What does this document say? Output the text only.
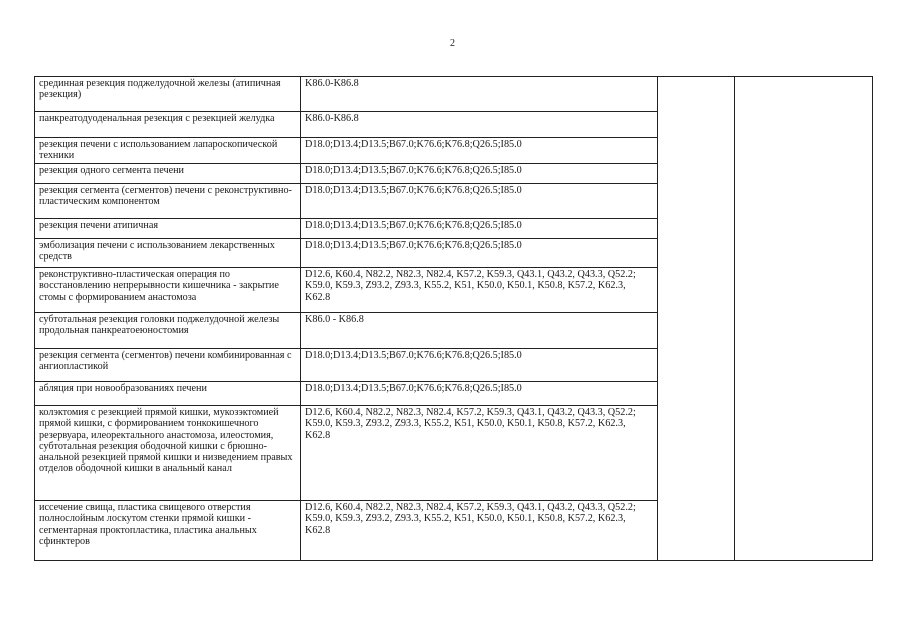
2
срединная резекция поджелудочной железы (атипичная резекция)	K86.0-K86.8		
панкреатодуоденальная резекция с резекцией желудка	K86.0-K86.8		
резекция печени с использованием лапароскопической техники	D18.0;D13.4;D13.5;B67.0;K76.6;K76.8;Q26.5;I85.0		
резекция одного сегмента печени	D18.0;D13.4;D13.5;B67.0;K76.6;K76.8;Q26.5;I85.0		
резекция сегмента (сегментов) печени с реконструктивно-пластическим компонентом	D18.0;D13.4;D13.5;B67.0;K76.6;K76.8;Q26.5;I85.0		
резекция печени атипичная	D18.0;D13.4;D13.5;B67.0;K76.6;K76.8;Q26.5;I85.0		
эмболизация печени с использованием лекарственных средств	D18.0;D13.4;D13.5;B67.0;K76.6;K76.8;Q26.5;I85.0		
реконструктивно-пластическая операция по восстановлению непрерывности кишечника - закрытие стомы с формированием анастомоза	D12.6, K60.4, N82.2, N82.3, N82.4, K57.2, K59.3, Q43.1, Q43.2, Q43.3, Q52.2; K59.0, K59.3, Z93.2, Z93.3, K55.2, K51, K50.0, K50.1, K50.8, K57.2, K62.3, K62.8		
субтотальная резекция головки поджелудочной железы продольная панкреатоеюностомия	K86.0 - K86.8		
резекция сегмента (сегментов) печени комбинированная с ангиопластикой	D18.0;D13.4;D13.5;B67.0;K76.6;K76.8;Q26.5;I85.0		
абляция при новообразованиях печени	D18.0;D13.4;D13.5;B67.0;K76.6;K76.8;Q26.5;I85.0		
колэктомия с резекцией прямой кишки, мукозэктомией прямой кишки, с формированием тонкокишечного резервуара, илеоректального анастомоза, илеостомия, субтотальная резекция ободочной кишки с брюшно-анальной резекцией прямой кишки и низведением правых отделов ободочной кишки в анальный канал	D12.6, K60.4, N82.2, N82.3, N82.4, K57.2, K59.3, Q43.1, Q43.2, Q43.3, Q52.2; K59.0, K59.3, Z93.2, Z93.3, K55.2, K51, K50.0, K50.1, K50.8, K57.2, K62.3, K62.8		
иссечение свища, пластика свищевого отверстия полнослойным лоскутом стенки прямой кишки - сегментарная проктопластика, пластика анальных сфинктеров	D12.6, K60.4, N82.2, N82.3, N82.4, K57.2, K59.3, Q43.1, Q43.2, Q43.3, Q52.2; K59.0, K59.3, Z93.2, Z93.3, K55.2, K51, K50.0, K50.1, K50.8, K57.2, K62.3, K62.8		
